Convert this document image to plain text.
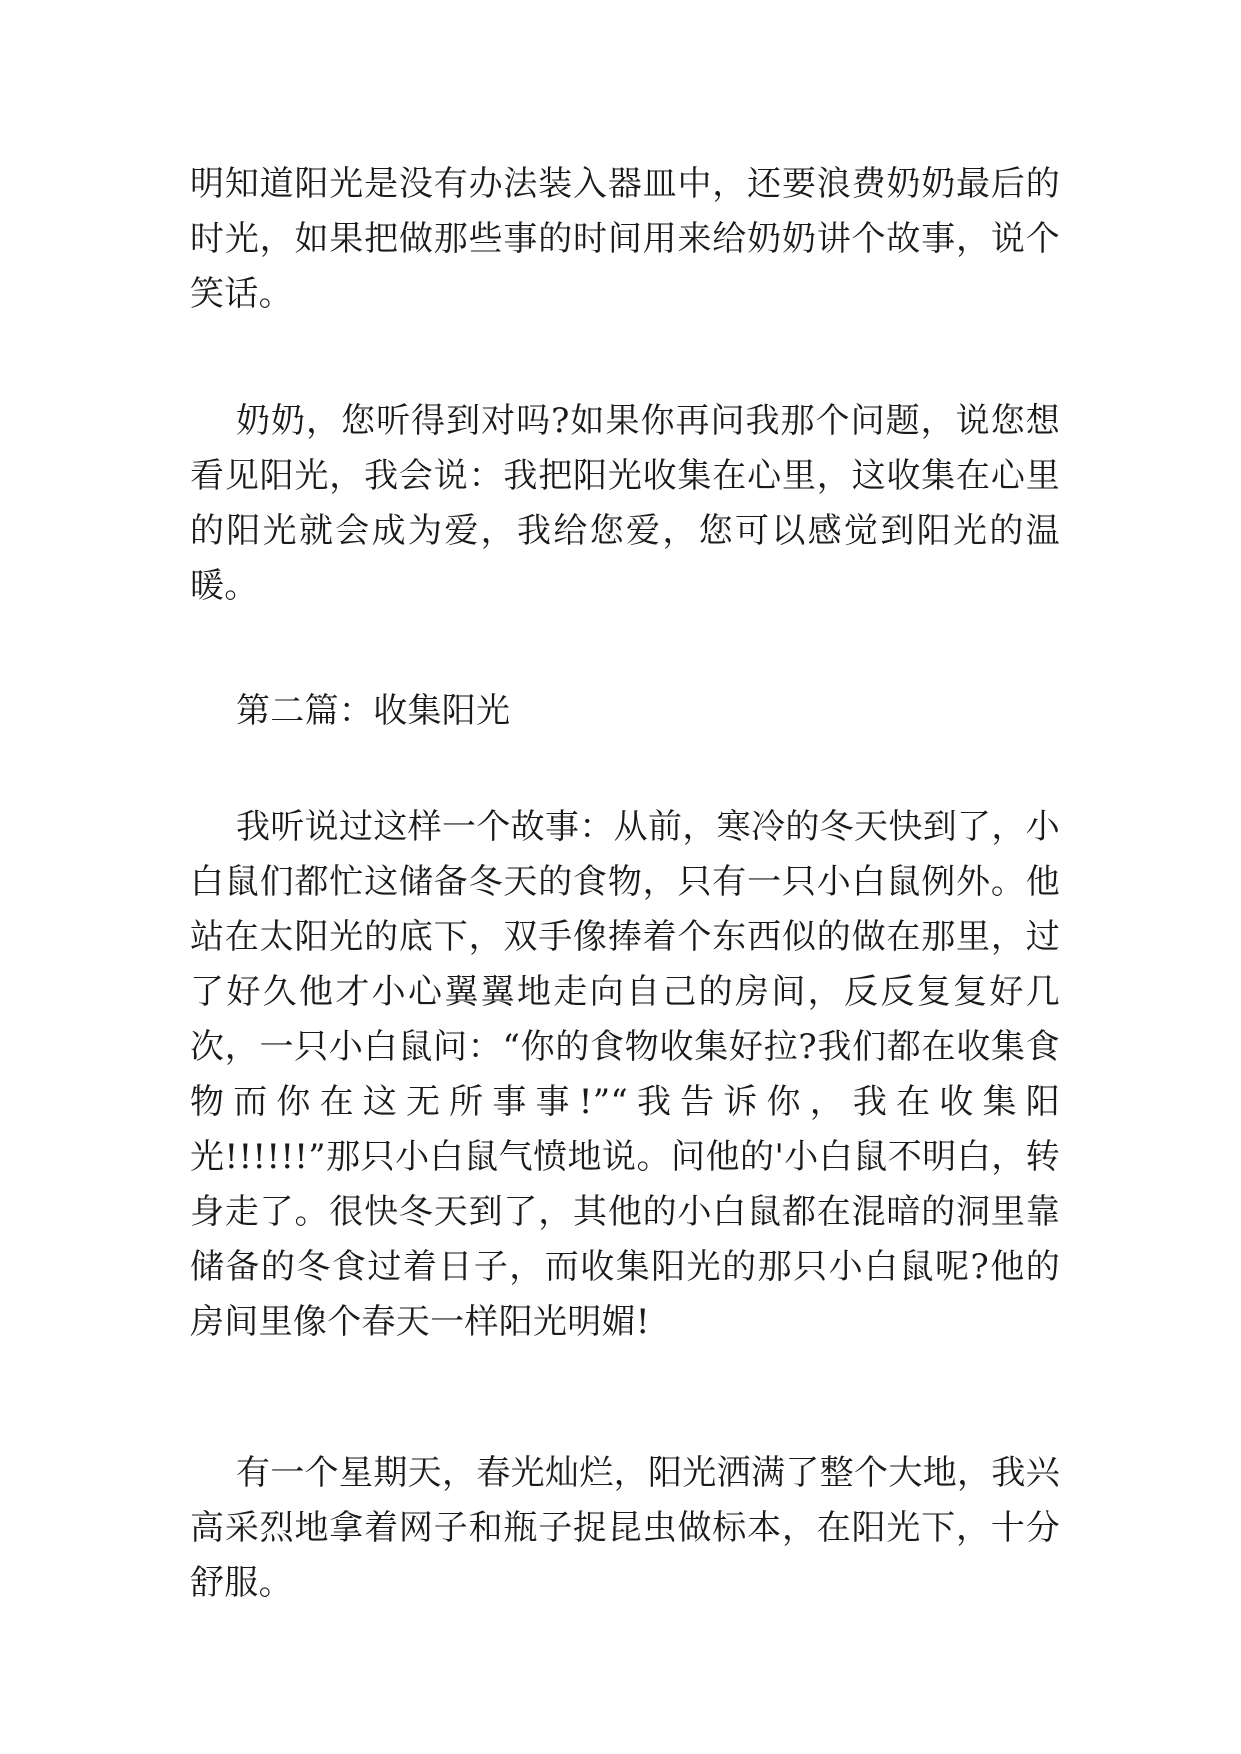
明知道阳光是没有办法装入器皿中，还要浪费奶奶最后的时光，如果把做那些事的时间用来给奶奶讲个故事，说个笑话。

奶奶，您听得到对吗?如果你再问我那个问题，说您想看见阳光，我会说：我把阳光收集在心里，这收集在心里的阳光就会成为爱，我给您爱，您可以感觉到阳光的温暖。

第二篇：收集阳光

我听说过这样一个故事：从前，寒冷的冬天快到了，小白鼠们都忙这储备冬天的食物，只有一只小白鼠例外。他站在太阳光的底下，双手像捧着个东西似的做在那里，过了好久他才小心翼翼地走向自己的房间，反反复复好几次，一只小白鼠问：“你的食物收集好拉?我们都在收集食物而你在这无所事事!”“我告诉你，我在收集阳光!!!!!!”那只小白鼠气愤地说。问他的'小白鼠不明白，转身走了。很快冬天到了，其他的小白鼠都在混暗的洞里靠储备的冬食过着日子，而收集阳光的那只小白鼠呢?他的房间里像个春天一样阳光明媚!

有一个星期天，春光灿烂，阳光洒满了整个大地，我兴高采烈地拿着网子和瓶子捉昆虫做标本，在阳光下，十分舒服。
